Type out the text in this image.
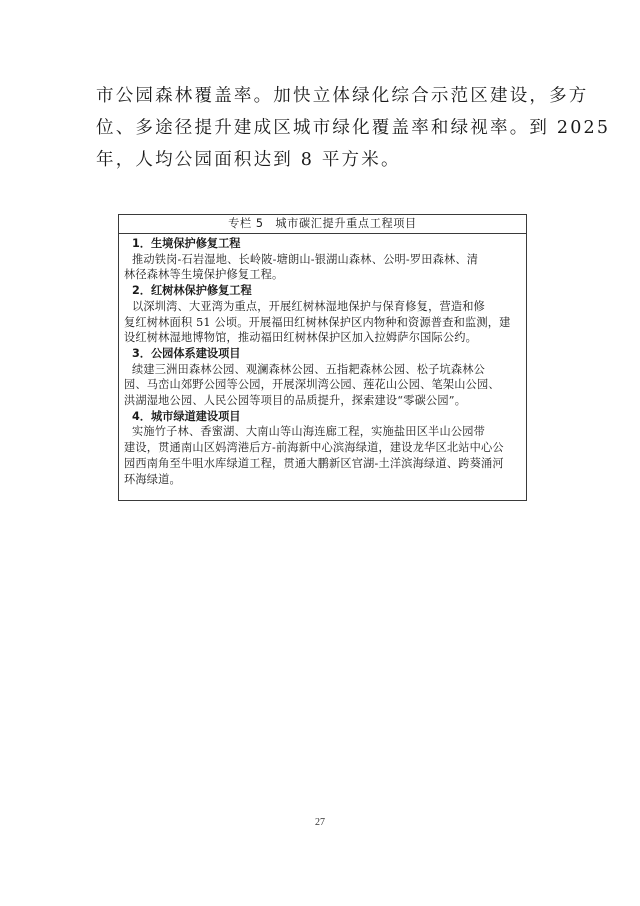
市公园森林覆盖率。加快立体绿化综合示范区建设，多方
位、多途径提升建成区城市绿化覆盖率和绿视率。到 2025
年，人均公园面积达到 8 平方米。
专栏 5　城市碳汇提升重点工程项目
1．生境保护修复工程
推动铁岗-石岩湿地、长岭陂-塘朗山-银湖山森林、公明-罗田森林、清
林径森林等生境保护修复工程。
2．红树林保护修复工程
以深圳湾、大亚湾为重点，开展红树林湿地保护与保育修复，营造和修
复红树林面积 51 公顷。开展福田红树林保护区内物种和资源普查和监测，建
设红树林湿地博物馆，推动福田红树林保护区加入拉姆萨尔国际公约。
3．公园体系建设项目
续建三洲田森林公园、观澜森林公园、五指耙森林公园、松子坑森林公
园、马峦山郊野公园等公园，开展深圳湾公园、莲花山公园、笔架山公园、
洪湖湿地公园、人民公园等项目的品质提升，探索建设“零碳公园”。
4．城市绿道建设项目
实施竹子林、香蜜湖、大南山等山海连廊工程，实施盐田区半山公园带
建设，贯通南山区妈湾港后方-前海新中心滨海绿道，建设龙华区北站中心公
园西南角至牛咀水库绿道工程，贯通大鹏新区官湖-土洋滨海绿道、跨葵涌河
环海绿道。
27
